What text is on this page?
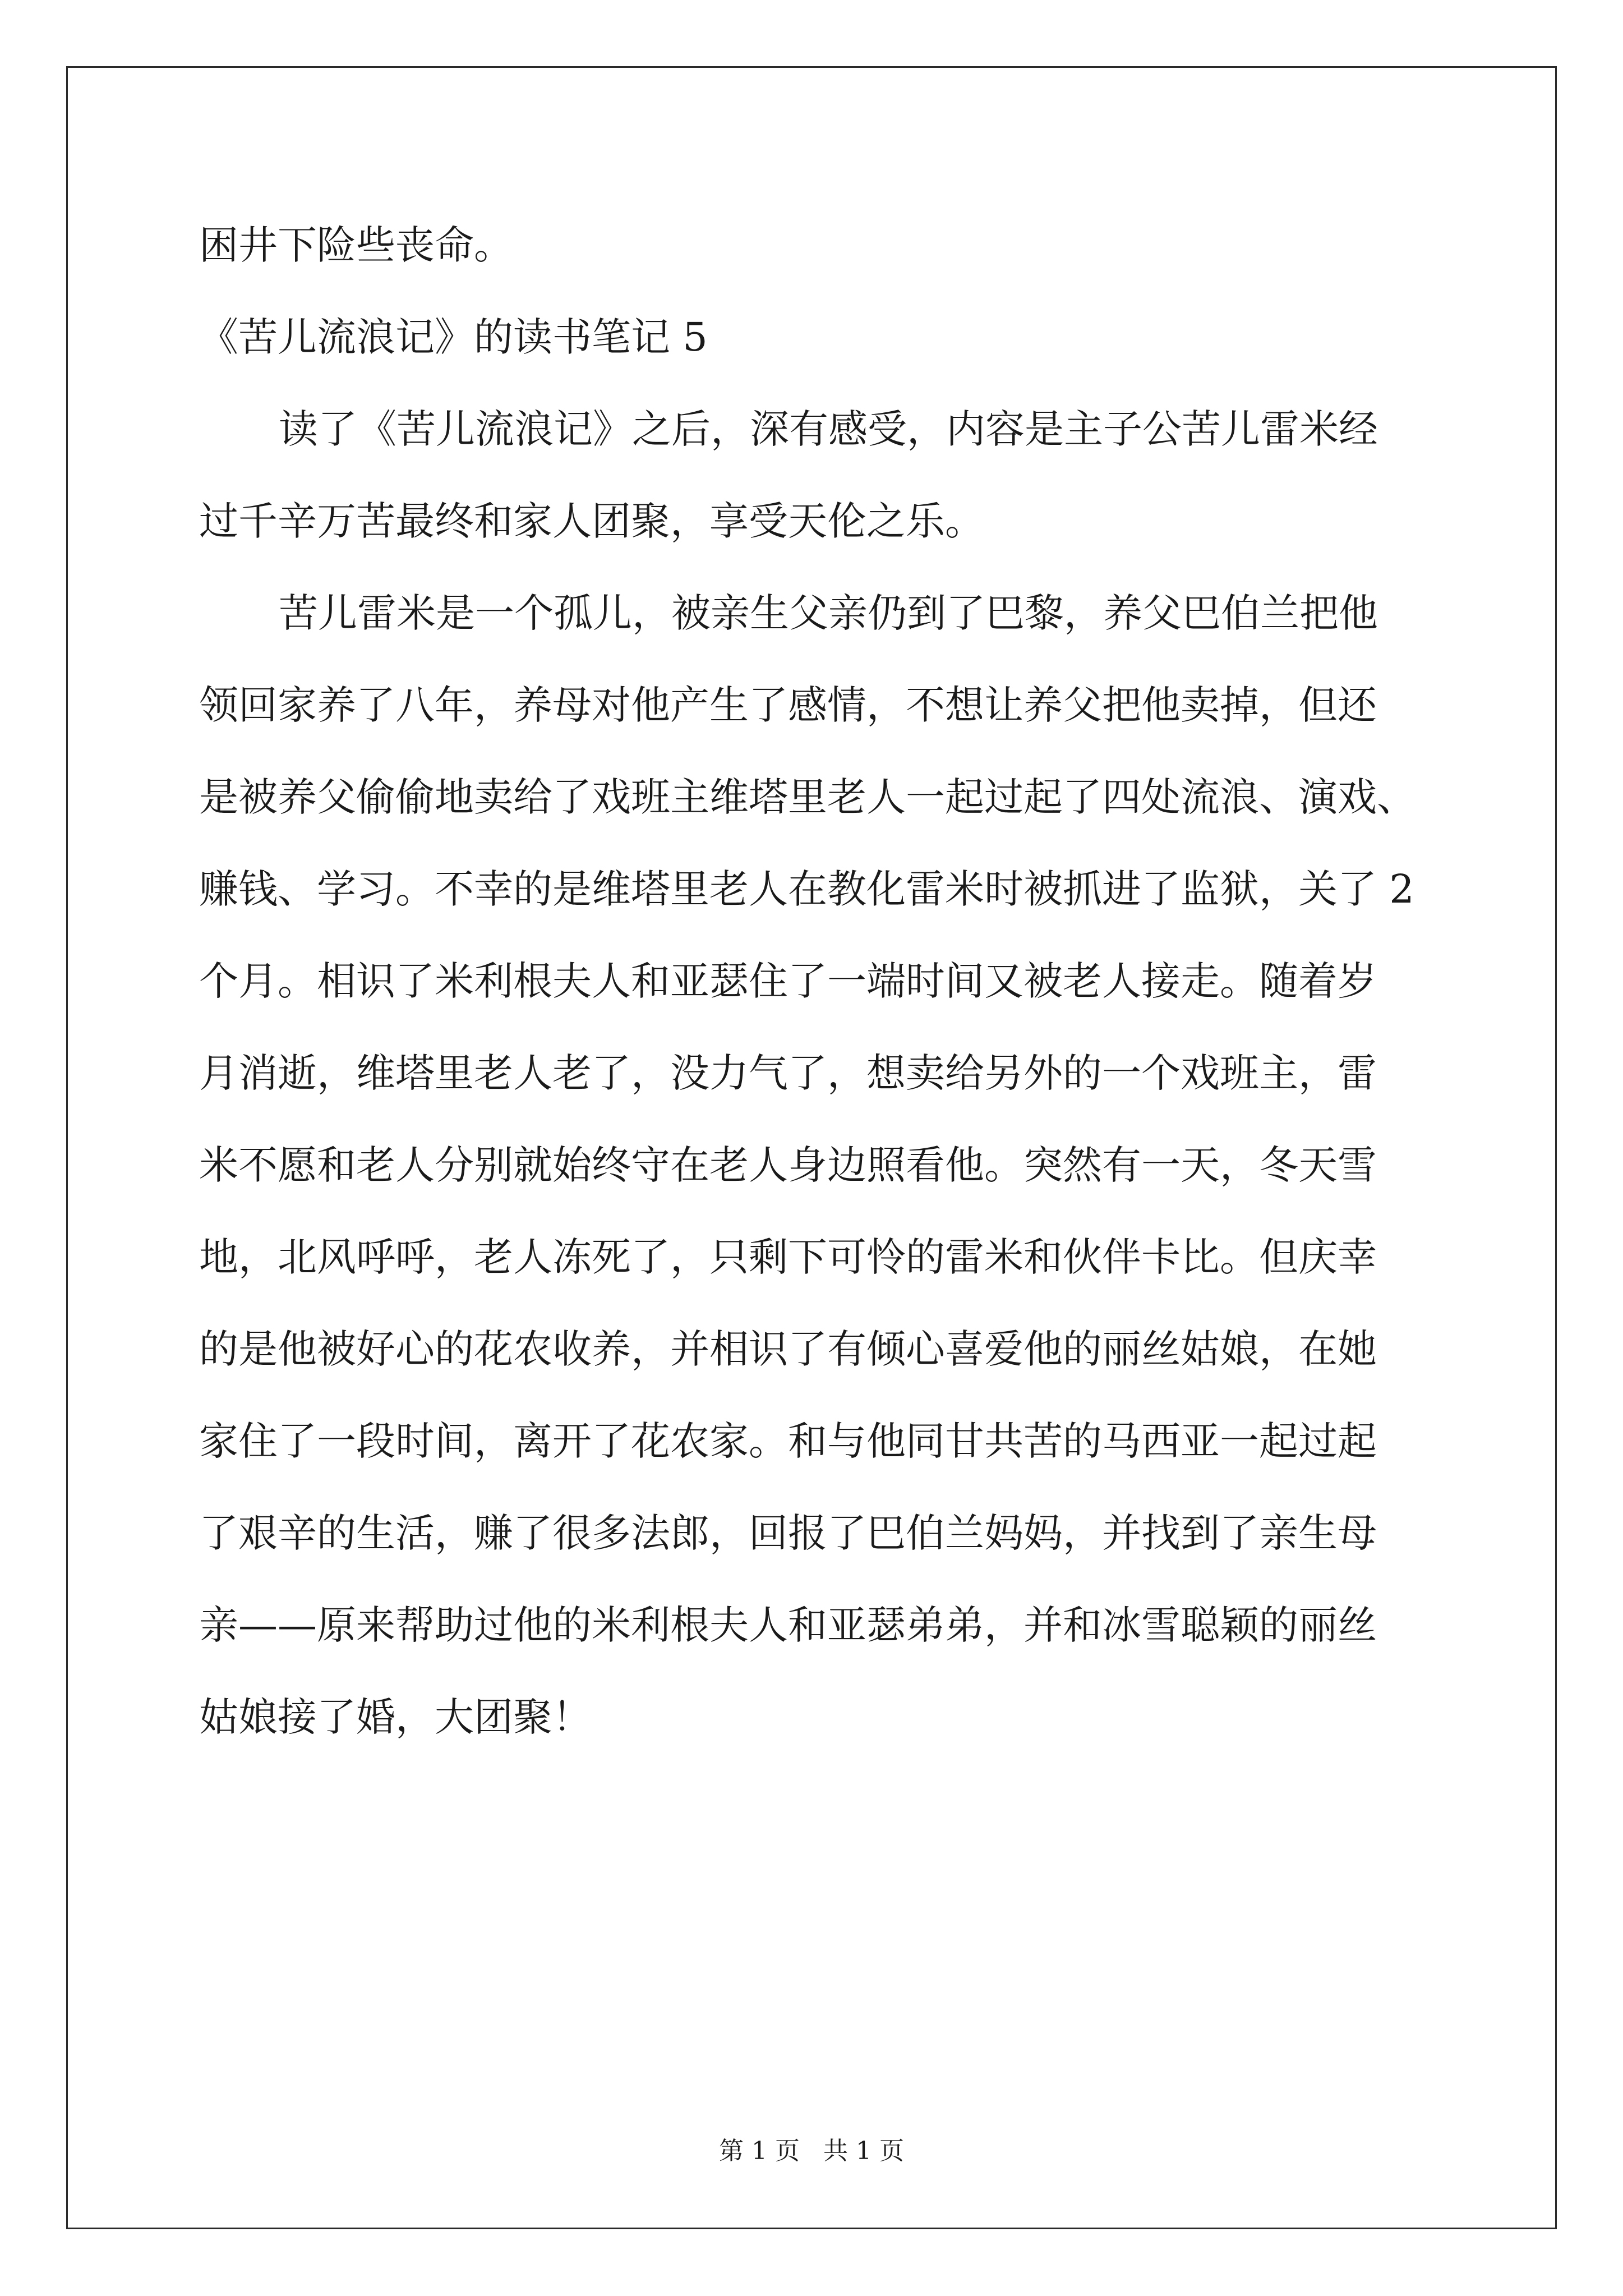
困井下险些丧命。

《苦儿流浪记》的读书笔记 5

读了《苦儿流浪记》之后，深有感受，内容是主子公苦儿雷米经

过千辛万苦最终和家人团聚，享受天伦之乐。

苦儿雷米是一个孤儿，被亲生父亲仍到了巴黎，养父巴伯兰把他

领回家养了八年，养母对他产生了感情，不想让养父把他卖掉，但还

是被养父偷偷地卖给了戏班主维塔里老人一起过起了四处流浪、演戏、

赚钱、学习。不幸的是维塔里老人在教化雷米时被抓进了监狱，关了 2

个月。相识了米利根夫人和亚瑟住了一端时间又被老人接走。随着岁

月消逝，维塔里老人老了，没力气了，想卖给另外的一个戏班主，雷

米不愿和老人分别就始终守在老人身边照看他。突然有一天，冬天雪

地，北风呼呼，老人冻死了，只剩下可怜的雷米和伙伴卡比。但庆幸

的是他被好心的花农收养，并相识了有倾心喜爱他的丽丝姑娘，在她

家住了一段时间，离开了花农家。和与他同甘共苦的马西亚一起过起

了艰辛的生活，赚了很多法郎，回报了巴伯兰妈妈，并找到了亲生母

亲——原来帮助过他的米利根夫人和亚瑟弟弟，并和冰雪聪颖的丽丝

姑娘接了婚，大团聚！

第 1 页   共 1 页
